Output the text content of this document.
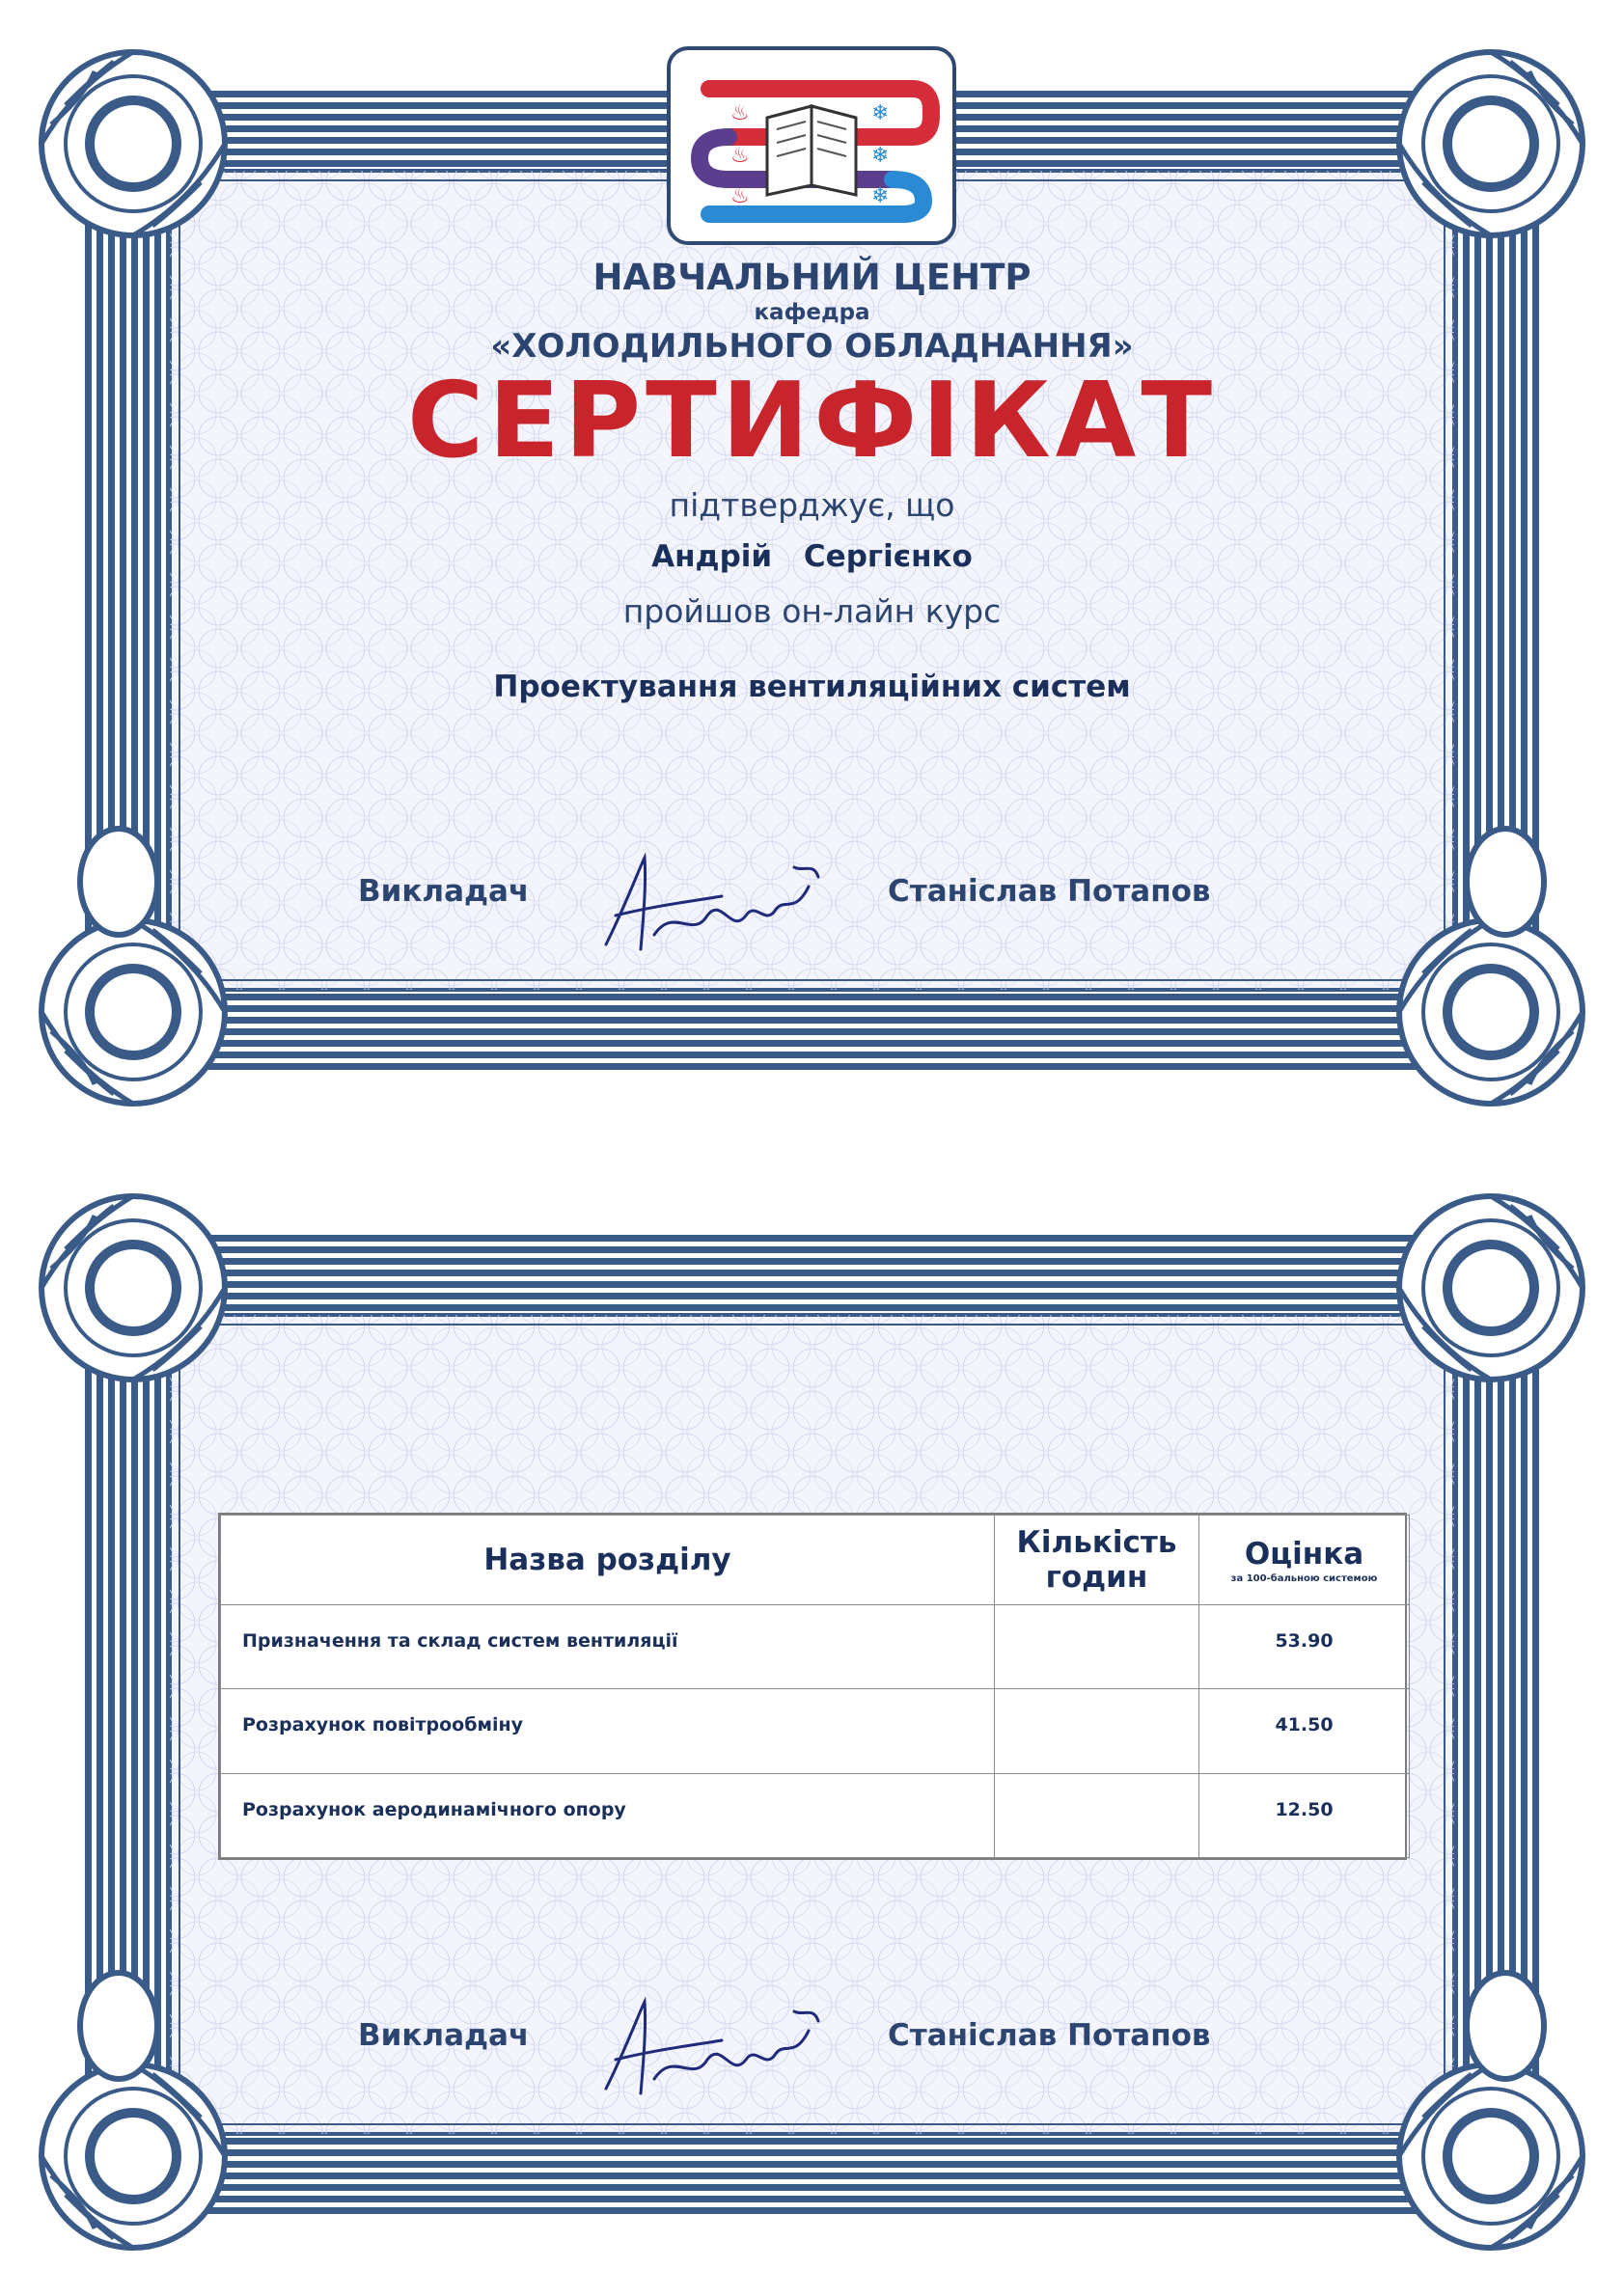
♨
♨
♨
❄
❄
❄
НАВЧАЛЬНИЙ ЦЕНТР
кафедра
«ХОЛОДИЛЬНОГО ОБЛАДНАННЯ»
СЕРТИФІКАТ
підтверджує, що
Андрій Сергієнко
пройшов он-лайн курс
Проектування вентиляційних систем
Викладач	Станіслав Потапов
Назва розділу	Кількість годин	Оцінка
за 100-бальною системою

Призначення та склад систем вентиляції		53.90
Розрахунок повітрообміну		41.50
Розрахунок аеродинамічного опору		12.50
Викладач	Станіслав Потапов
